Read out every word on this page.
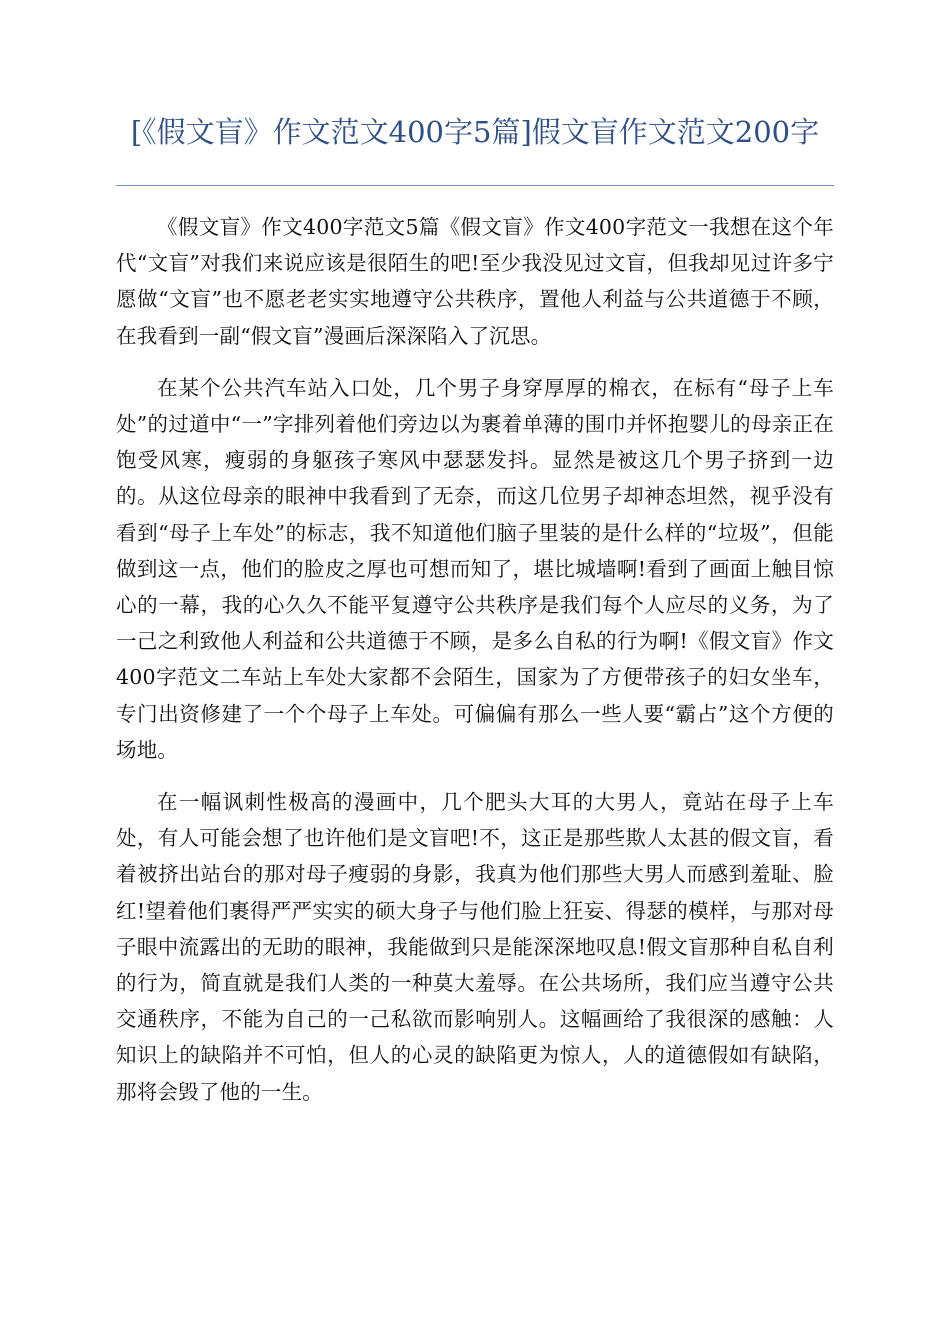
[《假文盲》作文范文400字5篇]假文盲作文范文200字

《假文盲》作文400字范文5篇《假文盲》作文400字范文一我想在这个年代“文盲”对我们来说应该是很陌生的吧!至少我没见过文盲，但我却见过许多宁愿做“文盲”也不愿老老实实地遵守公共秩序，置他人利益与公共道德于不顾，在我看到一副“假文盲”漫画后深深陷入了沉思。

在某个公共汽车站入口处，几个男子身穿厚厚的棉衣，在标有“母子上车处”的过道中“一”字排列着他们旁边以为裹着单薄的围巾并怀抱婴儿的母亲正在饱受风寒，瘦弱的身躯孩子寒风中瑟瑟发抖。显然是被这几个男子挤到一边的。从这位母亲的眼神中我看到了无奈，而这几位男子却神态坦然，视乎没有看到“母子上车处”的标志，我不知道他们脑子里装的是什么样的“垃圾”，但能做到这一点，他们的脸皮之厚也可想而知了，堪比城墙啊!看到了画面上触目惊心的一幕，我的心久久不能平复遵守公共秩序是我们每个人应尽的义务，为了一己之利致他人利益和公共道德于不顾，是多么自私的行为啊!《假文盲》作文400字范文二车站上车处大家都不会陌生，国家为了方便带孩子的妇女坐车，专门出资修建了一个个母子上车处。可偏偏有那么一些人要“霸占”这个方便的场地。

在一幅讽刺性极高的漫画中，几个肥头大耳的大男人，竟站在母子上车处，有人可能会想了也许他们是文盲吧!不，这正是那些欺人太甚的假文盲，看着被挤出站台的那对母子瘦弱的身影，我真为他们那些大男人而感到羞耻、脸红!望着他们裹得严严实实的硕大身子与他们脸上狂妄、得瑟的模样，与那对母子眼中流露出的无助的眼神，我能做到只是能深深地叹息!假文盲那种自私自利的行为，简直就是我们人类的一种莫大羞辱。在公共场所，我们应当遵守公共交通秩序，不能为自己的一己私欲而影响别人。这幅画给了我很深的感触：人知识上的缺陷并不可怕，但人的心灵的缺陷更为惊人，人的道德假如有缺陷，那将会毁了他的一生。
